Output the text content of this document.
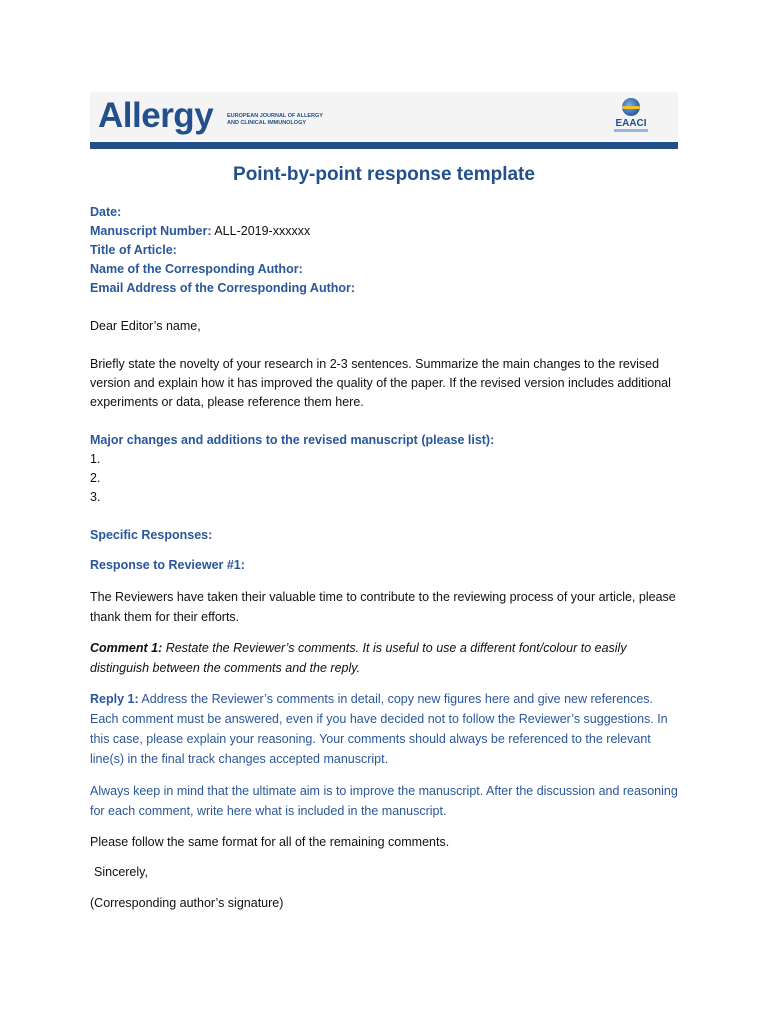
Allergy	EUROPEAN JOURNAL OF ALLERGY
AND CLINICAL IMMUNOLOGY	EAACI
Point-by-point response template
Date:
Manuscript Number: ALL-2019-xxxxxx
Title of Article:
Name of the Corresponding Author:
Email Address of the Corresponding Author:

Dear Editor’s name,

Briefly state the novelty of your research in 2-3 sentences. Summarize the main changes to the revised version and explain how it has improved the quality of the paper. If the revised version includes additional experiments or data, please reference them here.

Major changes and additions to the revised manuscript (please list):
1.
2.
3.

Specific Responses:

Response to Reviewer #1:

The Reviewers have taken their valuable time to contribute to the reviewing process of your article, please thank them for their efforts.

Comment 1: Restate the Reviewer’s comments. It is useful to use a different font/colour to easily distinguish between the comments and the reply.

Reply 1: Address the Reviewer’s comments in detail, copy new figures here and give new references. Each comment must be answered, even if you have decided not to follow the Reviewer’s suggestions. In this case, please explain your reasoning. Your comments should always be referenced to the relevant line(s) in the final track changes accepted manuscript.

Always keep in mind that the ultimate aim is to improve the manuscript. After the discussion and reasoning for each comment, write here what is included in the manuscript.

Please follow the same format for all of the remaining comments.

Sincerely,

(Corresponding author’s signature)
